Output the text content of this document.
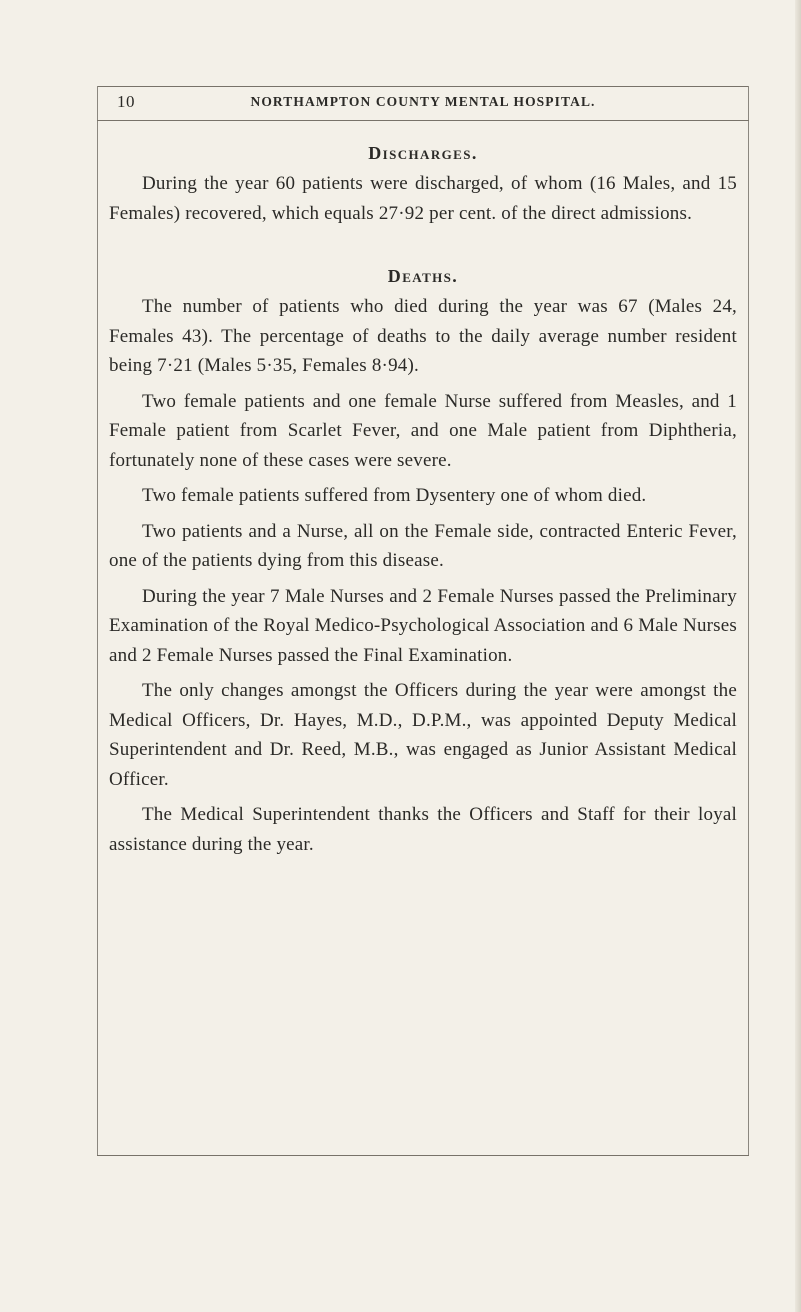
10	NORTHAMPTON COUNTY MENTAL HOSPITAL.
Discharges.

During the year 60 patients were discharged, of whom (16 Males, and 15 Females) recovered, which equals 27·92 per cent. of the direct admissions.

Deaths.

The number of patients who died during the year was 67 (Males 24, Females 43). The percentage of deaths to the daily average number resident being 7·21 (Males 5·35, Females 8·94).

Two female patients and one female Nurse suffered from Measles, and 1 Female patient from Scarlet Fever, and one Male patient from Diphtheria, fortunately none of these cases were severe.

Two female patients suffered from Dysentery one of whom died.

Two patients and a Nurse, all on the Female side, contracted Enteric Fever, one of the patients dying from this disease.

During the year 7 Male Nurses and 2 Female Nurses passed the Preliminary Examination of the Royal Medico-Psychological Association and 6 Male Nurses and 2 Female Nurses passed the Final Examination.

The only changes amongst the Officers during the year were amongst the Medical Officers, Dr. Hayes, M.D., D.P.M., was appointed Deputy Medical Superintendent and Dr. Reed, M.B., was engaged as Junior Assistant Medical Officer.

The Medical Superintendent thanks the Officers and Staff for their loyal assistance during the year.
